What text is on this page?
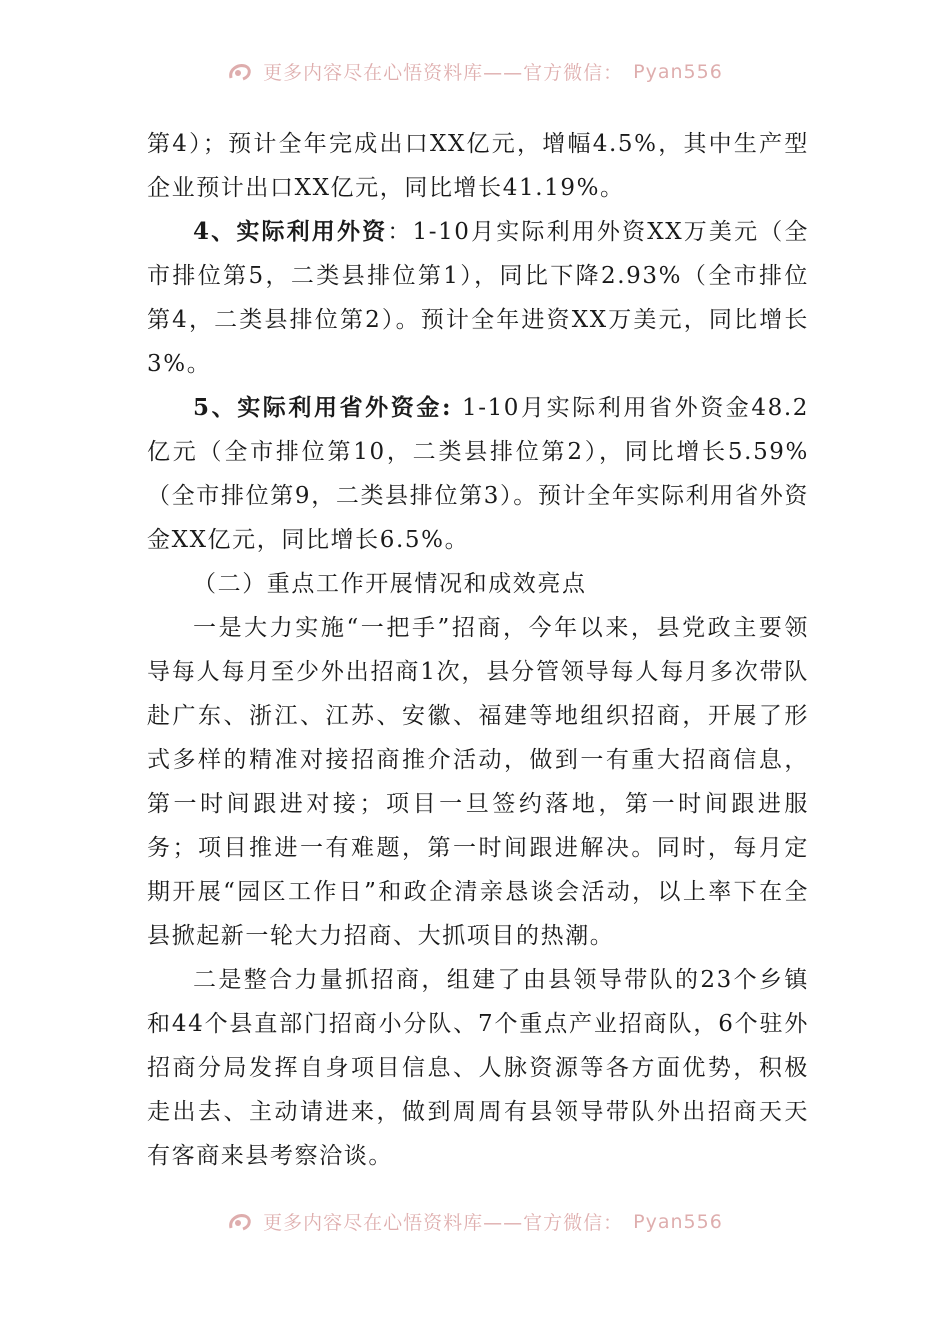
更多内容尽在心悟资料库——官方微信： Pyan556

第4）；预计全年完成出口XX亿元，增幅4.5%，其中生产型企业预计出口XX亿元，同比增长41.19%。

4、实际利用外资：1-10月实际利用外资XX万美元（全市排位第5，二类县排位第1），同比下降2.93%（全市排位第4，二类县排位第2）。预计全年进资XX万美元，同比增长3%。

5、实际利用省外资金: 1-10月实际利用省外资金48.2亿元（全市排位第10，二类县排位第2），同比增长5.59%（全市排位第9，二类县排位第3）。预计全年实际利用省外资金XX亿元，同比增长6.5%。

（二）重点工作开展情况和成效亮点

一是大力实施“一把手”招商，今年以来，县党政主要领导每人每月至少外出招商1次，县分管领导每人每月多次带队赴广东、浙江、江苏、安徽、福建等地组织招商，开展了形式多样的精准对接招商推介活动，做到一有重大招商信息，第一时间跟进对接；项目一旦签约落地，第一时间跟进服务；项目推进一有难题，第一时间跟进解决。同时，每月定期开展“园区工作日”和政企清亲恳谈会活动，以上率下在全县掀起新一轮大力招商、大抓项目的热潮。

二是整合力量抓招商，组建了由县领导带队的23个乡镇和44个县直部门招商小分队、7个重点产业招商队，6个驻外招商分局发挥自身项目信息、人脉资源等各方面优势，积极走出去、主动请进来，做到周周有县领导带队外出招商天天有客商来县考察洽谈。

更多内容尽在心悟资料库——官方微信： Pyan556
